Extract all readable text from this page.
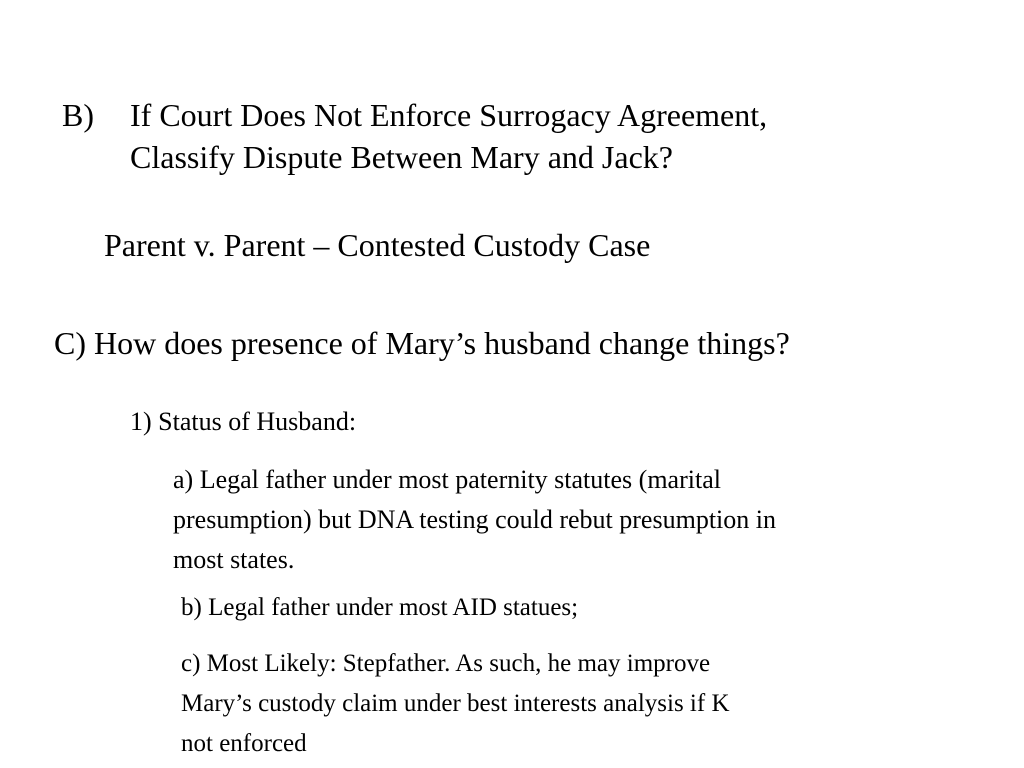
B) If Court Does Not Enforce Surrogacy Agreement,
Classify Dispute Between Mary and Jack?
Parent v. Parent – Contested Custody Case
C) How does presence of Mary’s husband change things?
1) Status of Husband:
a) Legal father under most paternity statutes (marital
presumption) but DNA testing could rebut presumption in
most states.
b) Legal father under most AID statues;
c) Most Likely: Stepfather. As such, he may improve
Mary’s custody claim under best interests analysis if K
not enforced
